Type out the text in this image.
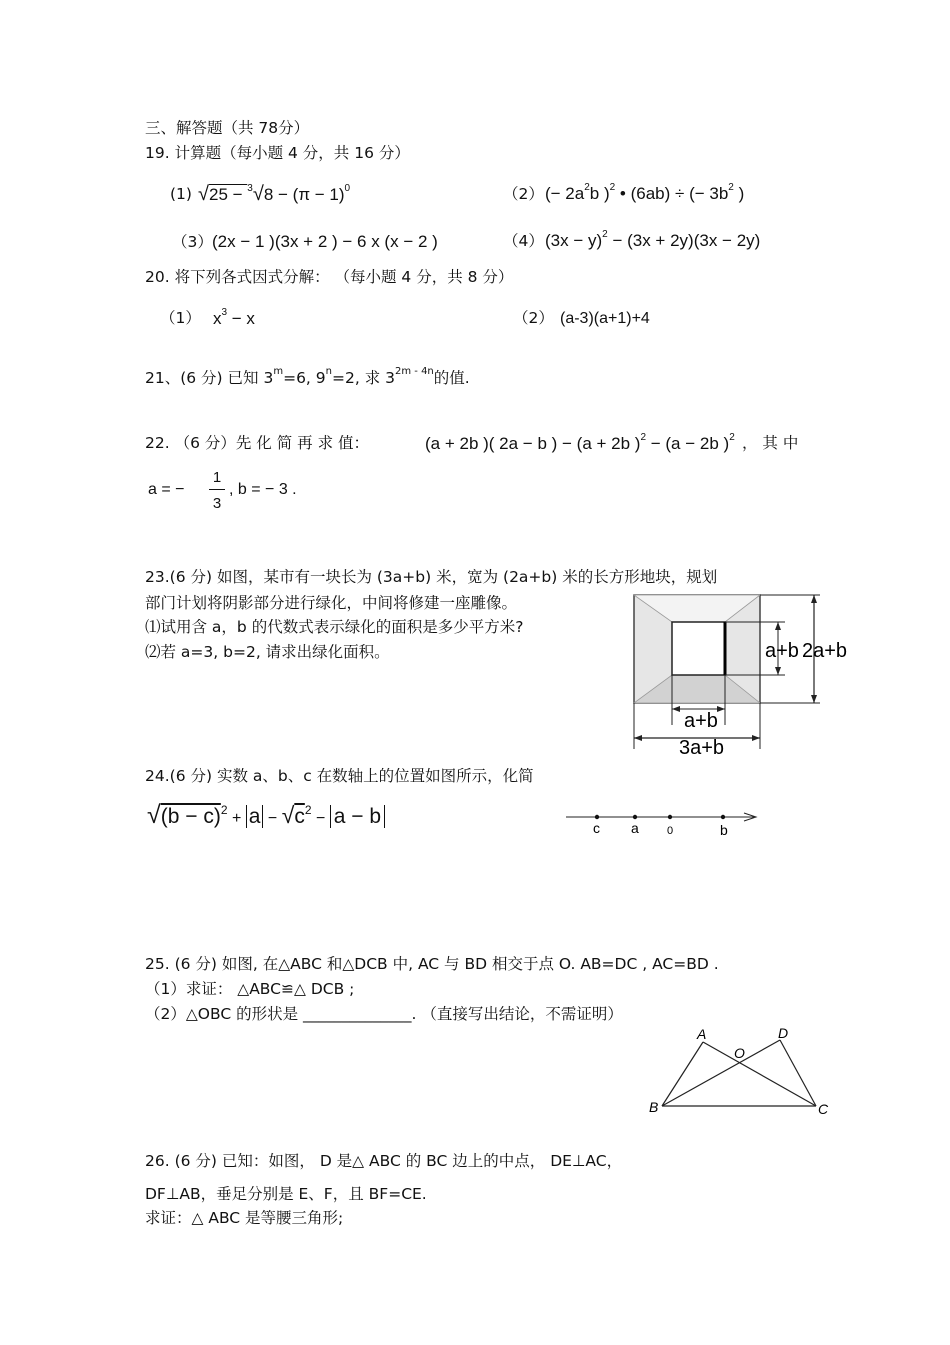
三、解答题（共 78分）
19. 计算题（每小题 4 分，共 16 分）
(1) $√25 - ^3√8 - (\pi - 1)^0$	（2） (− $2a^2b$ )$^2$ • (6ab) ÷ (− $3b^2$ )
（3） (2x − 1 )(3x + 2 ) − 6 x (x − 2 )	（4） $(3x - y)^2 - (3x + 2y)(3x - 2y)$
20. 将下列各式因式分解： （每小题 4 分，共 8 分）
（1） $x^3 - x$	（2） (a-3)(a+1)+4
21、(6 分) 已知 $3^m=6$, $9^n=2$, 求 $3^{2m - 4n}$的值.
22. （6 分）先 化 简 再 求 值：	(a + 2b )( 2a − b ) − (a + 2b )$^2$ − (a − 2b )$^2$ ， 其 中
a = −
1
3
, b = − 3 .
23.(6 分) 如图，某市有一块长为 (3a+b) 米，宽为 (2a+b) 米的长方形地块，规划
部门计划将阴影部分进行绿化，中间将修建一座雕像。
⑴试用含 a，b 的代数式表示绿化的面积是多少平方米?
⑵若 a=3, b=2, 请求出绿化面积。	a+b 2a+b
a+b
3a+b
24.(6 分) 实数 a、b、c 在数轴上的位置如图所示，化简
$√(b - c)^2 + a - √c^2 - a - b$	c a	0	b
25. (6 分) 如图, 在△ABC 和△DCB 中, AC 与 BD 相交于点 O. AB=DC , AC=BD .
（1）求证： △ABC≌△ DCB ;
（2）△OBC 的形状是 ______________. （直接写出结论，不需证明）
A	D
O
B	C
26. (6 分) 已知：如图， D 是△ ABC 的 BC 边上的中点， DE⊥AC，
DF⊥AB，垂足分别是 E、F，且 BF=CE.
求证：△ ABC 是等腰三角形;
